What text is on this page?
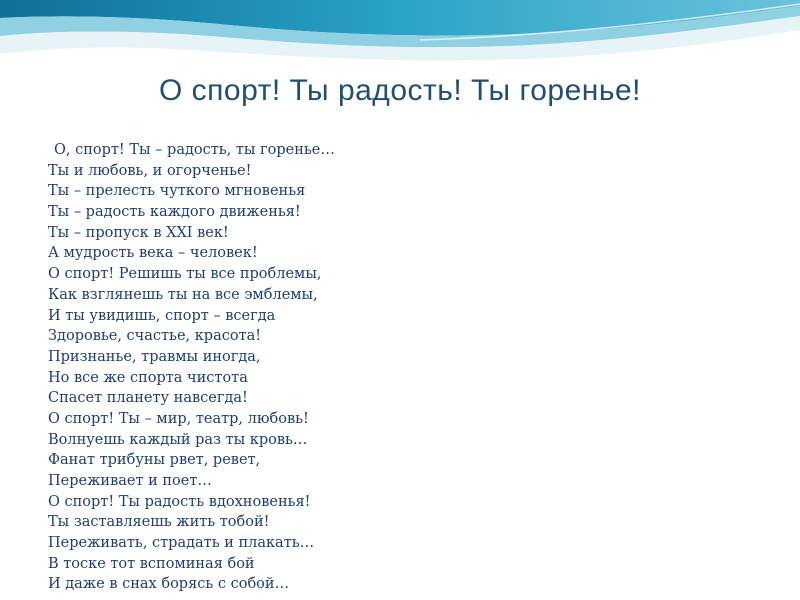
О спорт! Ты радость! Ты горенье!
О, спорт! Ты – радость, ты горенье…
Ты и любовь, и огорченье!
Ты – прелесть чуткого мгновенья
Ты – радость каждого движенья!
Ты – пропуск в XXI век!
А мудрость века – человек!
О спорт! Решишь ты все проблемы,
Как взглянешь ты на все эмблемы,
И ты увидишь, спорт – всегда
Здоровье, счастье, красота!
Признанье, травмы иногда,
Но все же спорта чистота
Спасет планету навсегда!
О спорт! Ты – мир, театр, любовь!
Волнуешь каждый раз ты кровь…
Фанат трибуны рвет, ревет,
Переживает и поет…
О спорт! Ты радость вдохновенья!
Ты заставляешь жить тобой!
Переживать, страдать и плакать…
В тоске тот вспоминая бой
И даже в снах борясь с собой…
